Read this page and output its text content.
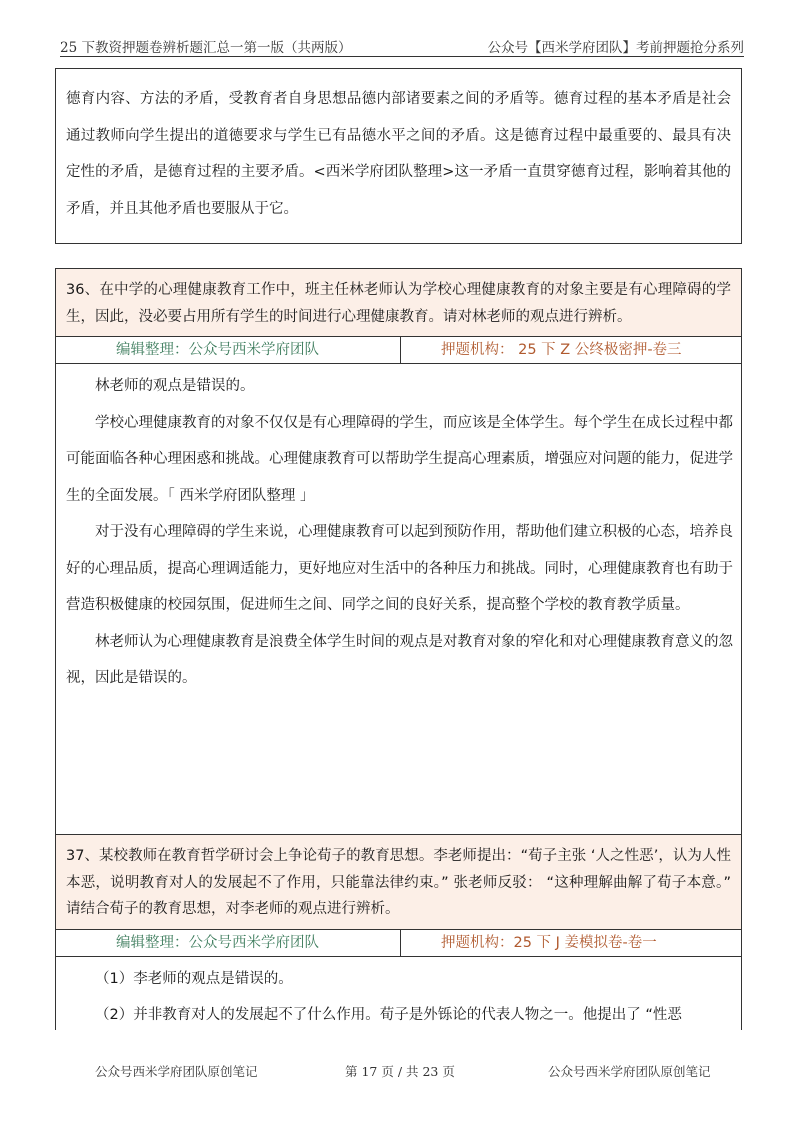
25 下教资押题卷辨析题汇总一第一版（共两版）	公众号【西米学府团队】考前押题抢分系列

德育内容、方法的矛盾，受教育者自身思想品德内部诸要素之间的矛盾等。德育过程的基本矛盾是社会通过教师向学生提出的道德要求与学生已有品德水平之间的矛盾。这是德育过程中最重要的、最具有决定性的矛盾，是德育过程的主要矛盾。<西米学府团队整理>这一矛盾一直贯穿德育过程，影响着其他的矛盾，并且其他矛盾也要服从于它。

36、在中学的心理健康教育工作中，班主任林老师认为学校心理健康教育的对象主要是有心理障碍的学生，因此，没必要占用所有学生的时间进行心理健康教育。请对林老师的观点进行辨析。
编辑整理：公众号西米学府团队	押题机构： 25 下 Z 公终极密押-卷三

林老师的观点是错误的。

学校心理健康教育的对象不仅仅是有心理障碍的学生，而应该是全体学生。每个学生在成长过程中都可能面临各种心理困惑和挑战。心理健康教育可以帮助学生提高心理素质，增强应对问题的能力，促进学生的全面发展。「 西米学府团队整理 」

对于没有心理障碍的学生来说，心理健康教育可以起到预防作用，帮助他们建立积极的心态，培养良好的心理品质，提高心理调适能力，更好地应对生活中的各种压力和挑战。同时，心理健康教育也有助于营造积极健康的校园氛围，促进师生之间、同学之间的良好关系，提高整个学校的教育教学质量。

林老师认为心理健康教育是浪费全体学生时间的观点是对教育对象的窄化和对心理健康教育意义的忽视，因此是错误的。

37、某校教师在教育哲学研讨会上争论荀子的教育思想。李老师提出：“荀子主张 ‘人之性恶’，认为人性本恶，说明教育对人的发展起不了作用，只能靠法律约束。” 张老师反驳： “这种理解曲解了荀子本意。” 请结合荀子的教育思想，对李老师的观点进行辨析。
编辑整理：公众号西米学府团队	押题机构：25 下 J 姜模拟卷-卷一

（1）李老师的观点是错误的。

（2）并非教育对人的发展起不了什么作用。荀子是外铄论的代表人物之一。他提出了 “性恶

公众号西米学府团队原创笔记	第 17 页 / 共 23 页	公众号西米学府团队原创笔记
